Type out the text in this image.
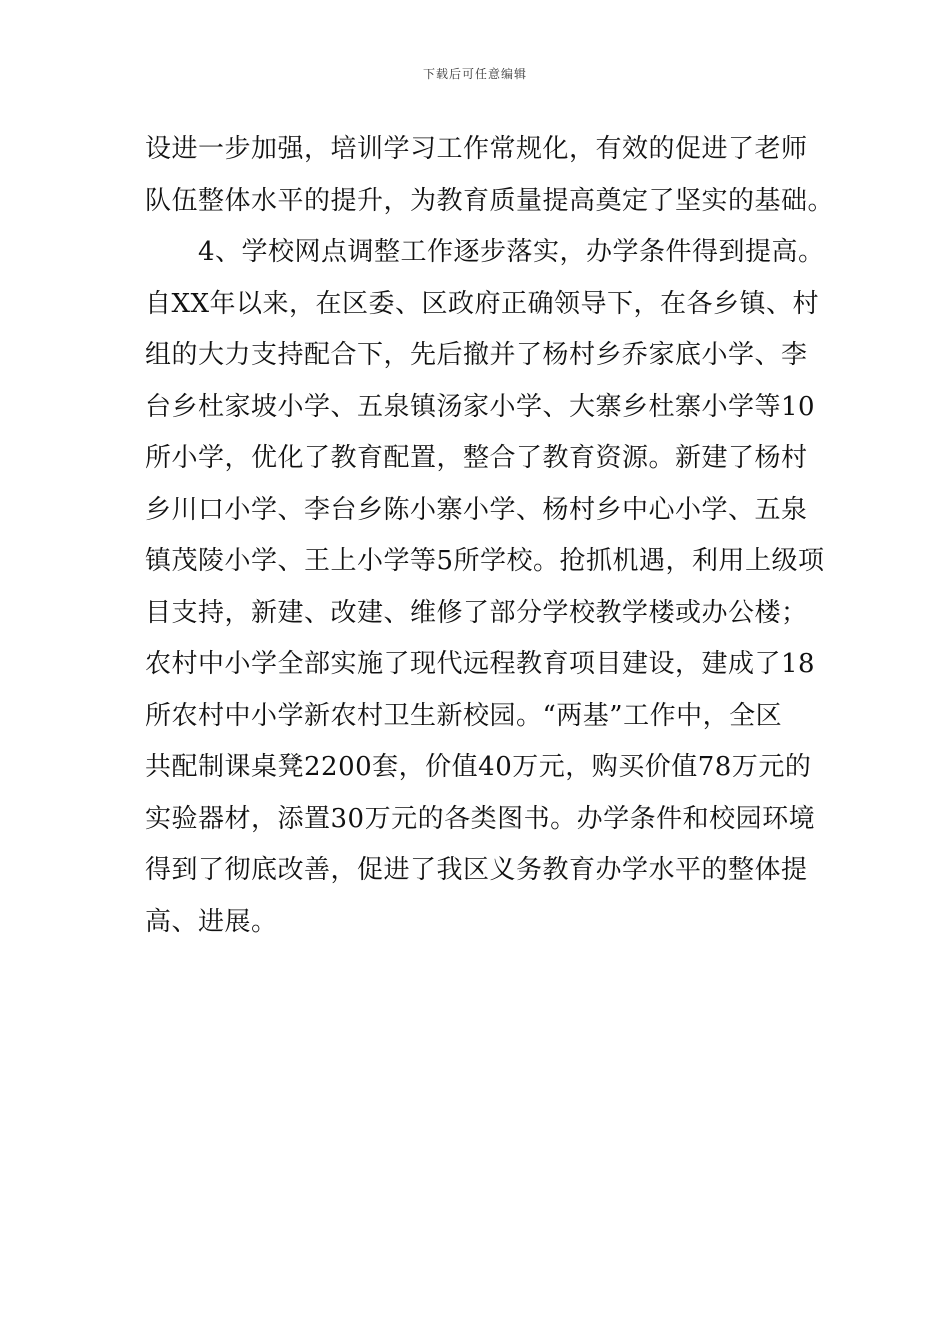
下载后可任意编辑
设进一步加强，培训学习工作常规化，有效的促进了老师
队伍整体水平的提升，为教育质量提高奠定了坚实的基础。
　　4、学校网点调整工作逐步落实，办学条件得到提高。
自XX年以来，在区委、区政府正确领导下，在各乡镇、村
组的大力支持配合下，先后撤并了杨村乡乔家底小学、李
台乡杜家坡小学、五泉镇汤家小学、大寨乡杜寨小学等10
所小学，优化了教育配置，整合了教育资源。新建了杨村
乡川口小学、李台乡陈小寨小学、杨村乡中心小学、五泉
镇茂陵小学、王上小学等5所学校。抢抓机遇，利用上级项
目支持，新建、改建、维修了部分学校教学楼或办公楼；
农村中小学全部实施了现代远程教育项目建设，建成了18
所农村中小学新农村卫生新校园。“两基”工作中，全区
共配制课桌凳2200套，价值40万元，购买价值78万元的
实验器材，添置30万元的各类图书。办学条件和校园环境
得到了彻底改善，促进了我区义务教育办学水平的整体提
高、进展。
